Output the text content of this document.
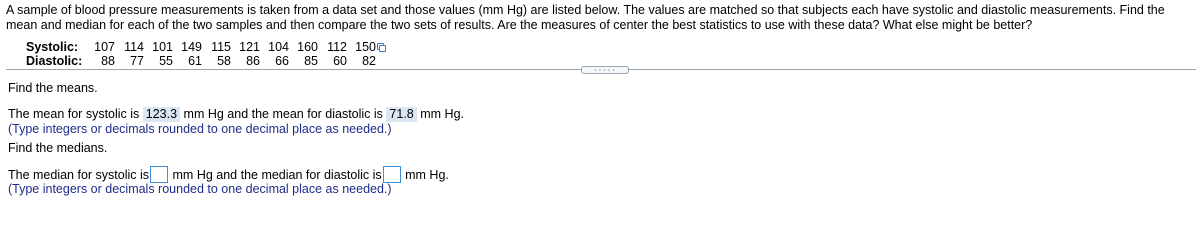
A sample of blood pressure measurements is taken from a data set and those values (mm Hg) are listed below. The values are matched so that subjects each have systolic and diastolic measurements. Find the mean and median for each of the two samples and then compare the two sets of results. Are the measures of center the best statistics to use with these data? What else might be better?
Systolic:	107	114	101	149	115	121	104	160	112	150

Diastolic:	88	77	55	61	58	86	66	85	60	82
• • • • •
Find the means.
The mean for systolic is 123.3 mm Hg and the mean for diastolic is 71.8 mm Hg.
(Type integers or decimals rounded to one decimal place as needed.)
Find the medians.
The median for systolic is mm Hg and the median for diastolic is mm Hg.
(Type integers or decimals rounded to one decimal place as needed.)
